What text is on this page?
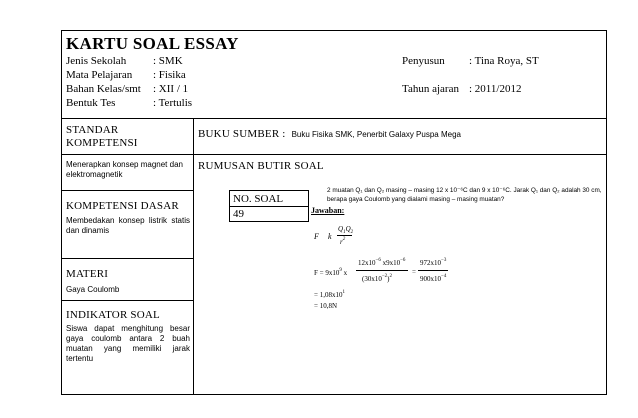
KARTU SOAL ESSAY
Jenis Sekolah : SMK
Mata Pelajaran : Fisika
Bahan Kelas/smt : XII / 1
Bentuk Tes	: Tertulis
Penyusun : Tina Roya, ST
Tahun ajaran : 2011/2012
STANDAR KOMPETENSI
Menerapkan konsep magnet dan elektromagnetik
KOMPETENSI DASAR
Membedakan konsep listrik statis dan dinamis
MATERI
Gaya Coulomb
INDIKATOR SOAL
Siswa dapat menghitung besar gaya coulomb antara 2 buah muatan yang memiliki jarak tertentu
BUKU SUMBER : Buku Fisika SMK, Penerbit Galaxy Puspa Mega
RUMUSAN BUTIR SOAL
NO. SOAL
49
2 muatan Q₁ dan Q₂ masing – masing 12 x 10⁻⁶C dan 9 x 10⁻⁶C. Jarak Q₁ dan Q₂ adalah 30 cm, berapa gaya Coulomb yang dialami masing – masing muatan?
Jawaban:
F k
$Q_1Q_2$
$r^2$
$F = 9x10^9$ x
$12x10^{-6}$ $x9x10^{-6}$
$(30x10^{-2})^2$
=
$972x10^{-3}$
$900x10^{-4}$
= $1,08x10^1$
= 10,8N
